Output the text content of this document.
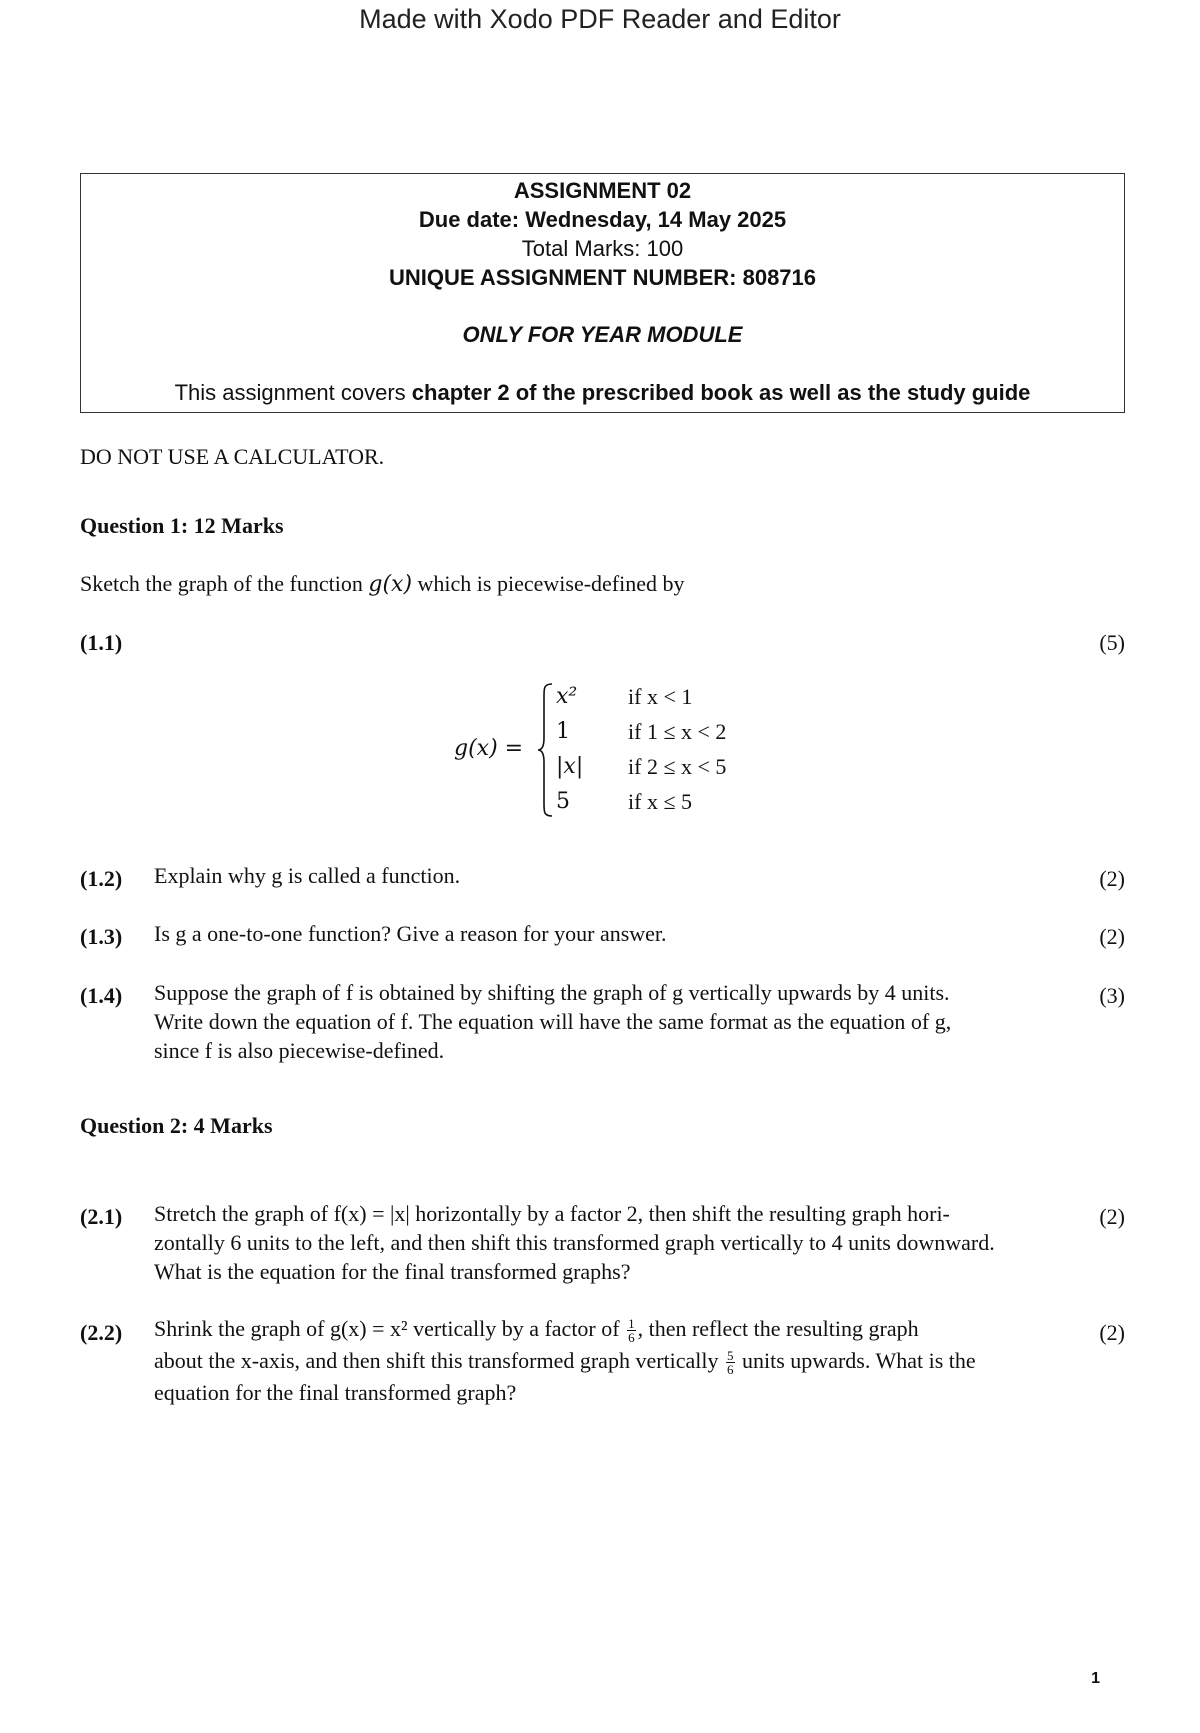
Made with Xodo PDF Reader and Editor
ASSIGNMENT 02
Due date: Wednesday, 14 May 2025
Total Marks: 100
UNIQUE ASSIGNMENT NUMBER: 808716
ONLY FOR YEAR MODULE
This assignment covers chapter 2 of the prescribed book as well as the study guide
DO NOT USE A CALCULATOR.
Question 1: 12 Marks
Sketch the graph of the function g(x) which is piecewise-defined by
(1.1)	(5)
g(x) =
x² if x < 1
1	if 1 ≤ x < 2
|x| if 2 ≤ x < 5
5	if x ≤ 5
(1.2) Explain why g is called a function.	(2)
(1.3) Is g a one-to-one function? Give a reason for your answer.	(2)
(1.4) Suppose the graph of f is obtained by shifting the graph of g vertically upwards by 4 units.
Write down the equation of f. The equation will have the same format as the equation of g,
since f is also piecewise-defined.
(3)
Question 2: 4 Marks
(2.1) Stretch the graph of f(x) = |x| horizontally by a factor 2, then shift the resulting graph hori-
zontally 6 units to the left, and then shift this transformed graph vertically to 4 units downward.
What is the equation for the final transformed graphs?
(2)
(2.2) Shrink the graph of g(x) = x² vertically by a factor of $\frac{1}{6}$ , then reflect the resulting graph
about the x-axis, and then shift this transformed graph vertically $\frac{5}{6}$ units upwards. What is the
equation for the final transformed graph?
(2)
1
